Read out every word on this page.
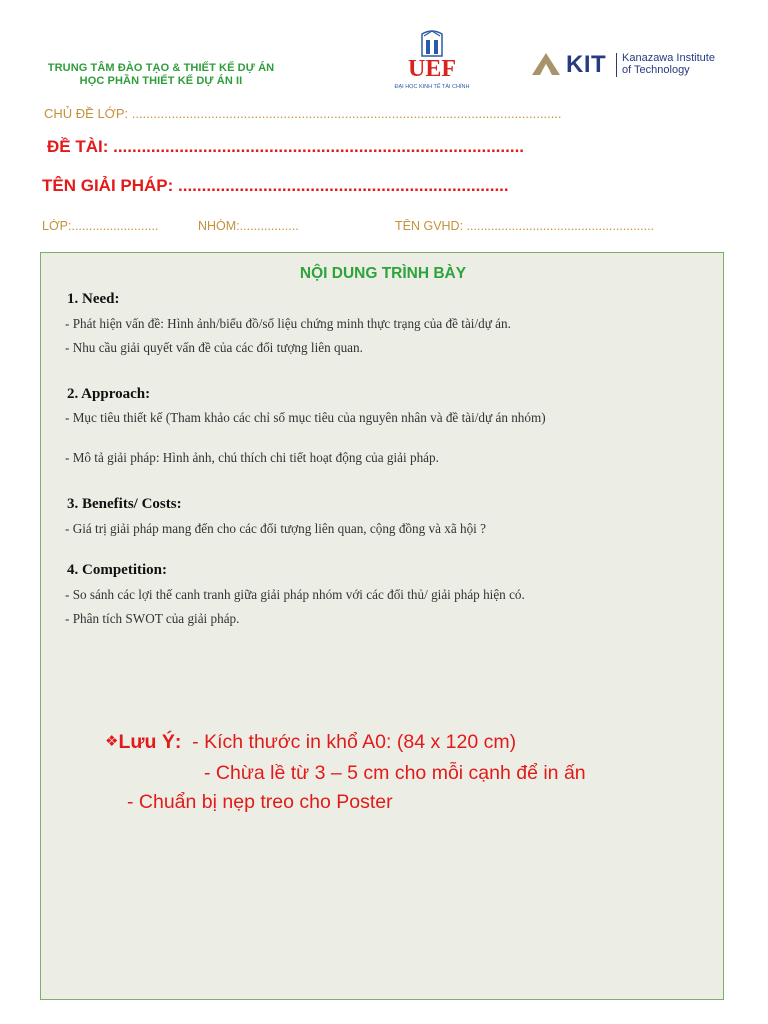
TRUNG TÂM ĐÀO TẠO & THIẾT KẾ DỰ ÁN
HỌC PHẦN THIẾT KẾ DỰ ÁN II	UEF
ĐẠI HỌC KINH TẾ TÀI CHÍNH
KIT Kanazawa Institute
of Technology
CHỦ ĐỀ LỚP: .......................................................................................................................
ĐỀ TÀI: .......................................................................................
TÊN GIẢI PHÁP: ......................................................................
LỚP:.........................	NHÓM:.................	TÊN GVHD: ......................................................
NỘI DUNG TRÌNH BÀY
1. Need:
- Phát hiện vấn đề: Hình ảnh/biểu đồ/số liệu chứng minh thực trạng của đề tài/dự án.
- Nhu cầu giải quyết vấn đề của các đối tượng liên quan.
2. Approach:
- Mục tiêu thiết kế (Tham khảo các chỉ số mục tiêu của nguyên nhân và đề tài/dự án nhóm)
- Mô tả giải pháp: Hình ảnh, chú thích chi tiết hoạt động của giải pháp.
3. Benefits/ Costs:
- Giá trị giải pháp mang đến cho các đối tượng liên quan, cộng đồng và xã hội ?
4. Competition:
- So sánh các lợi thế canh tranh giữa giải pháp nhóm với các đối thủ/ giải pháp hiện có.
- Phân tích SWOT của giải pháp.
❖Lưu Ý: - Kích thước in khổ A0: (84 x 120 cm)
- Chừa lề từ 3 – 5 cm cho mỗi cạnh để in ấn
- Chuẩn bị nẹp treo cho Poster
